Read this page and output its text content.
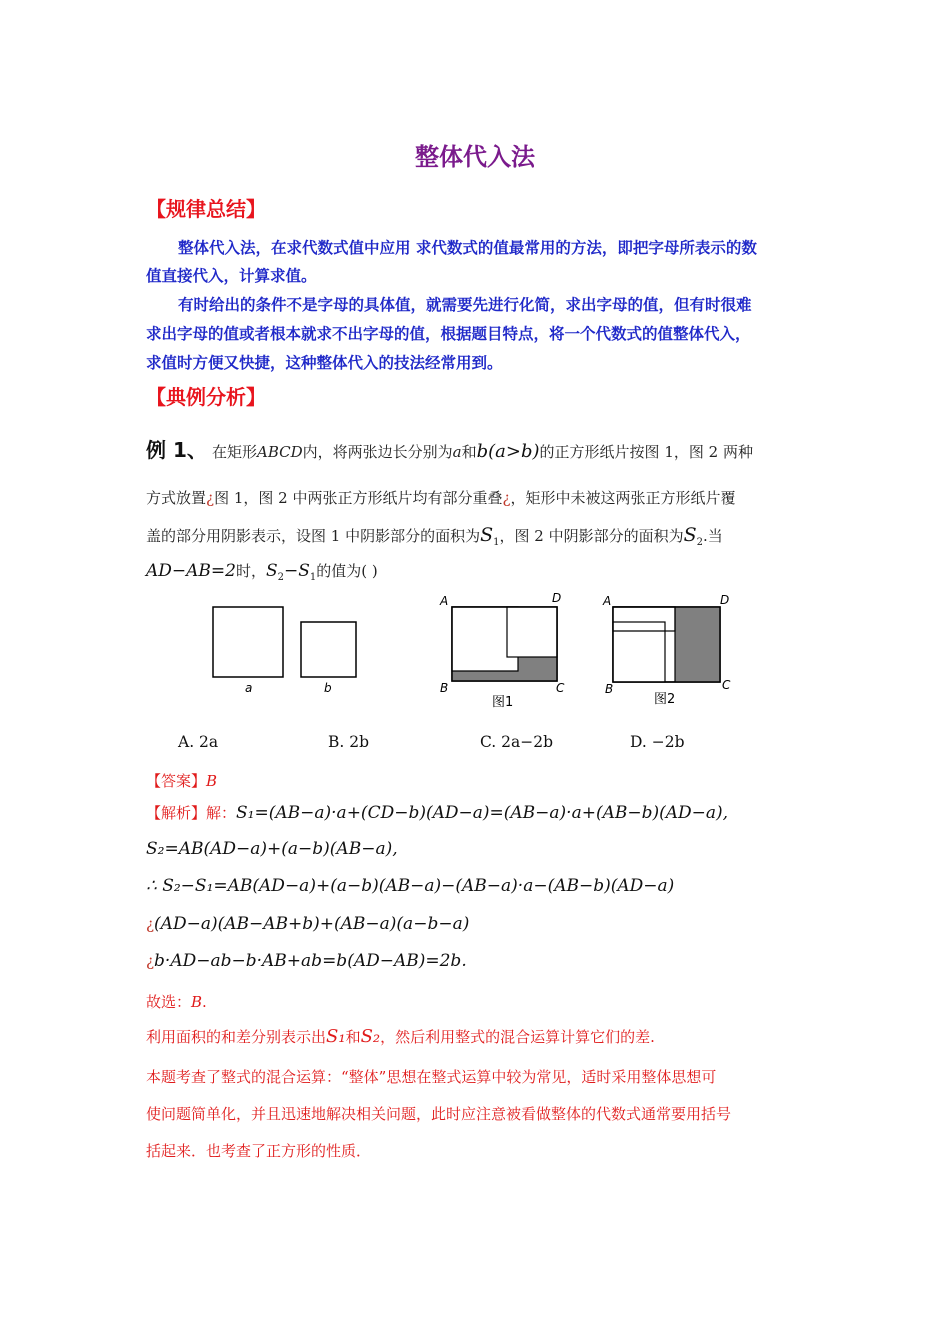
整体代入法
【规律总结】
整体代入法，在求代数式值中应用 求代数式的值最常用的方法，即把字母所表示的数
值直接代入，计算求值。
有时给出的条件不是字母的具体值，就需要先进行化简，求出字母的值，但有时很难
求出字母的值或者根本就求不出字母的值，根据题目特点，将一个代数式的值整体代入，
求值时方便又快捷，这种整体代入的技法经常用到。
【典例分析】
例 1、 在矩形ABCD内，将两张边长分别为a和b(a>b)的正方形纸片按图 1，图 2 两种
方式放置¿图 1，图 2 中两张正方形纸片均有部分重叠¿，矩形中未被这两张正方形纸片覆
盖的部分用阴影表示，设图 1 中阴影部分的面积为$S_1$，图 2 中阴影部分的面积为$S_2$.当
AD−AB=2时，$S_2-S_1$的值为( )
a	b
A	D
B	C
图1
A	D
B	C
图2
A. 2a	B. 2b	C. 2a−2b	D. −2b
【答案】B
【解析】解：S₁=(AB−a)·a+(CD−b)(AD−a)=(AB−a)·a+(AB−b)(AD−a),
S₂=AB(AD−a)+(a−b)(AB−a),
∴ S₂−S₁=AB(AD−a)+(a−b)(AB−a)−(AB−a)·a−(AB−b)(AD−a)
¿(AD−a)(AB−AB+b)+(AB−a)(a−b−a)
¿b·AD−ab−b·AB+ab=b(AD−AB)=2b.
故选：B.
利用面积的和差分别表示出S₁和S₂，然后利用整式的混合运算计算它们的差.
本题考查了整式的混合运算：“整体”思想在整式运算中较为常见，适时采用整体思想可
使问题简单化，并且迅速地解决相关问题，此时应注意被看做整体的代数式通常要用括号
括起来．也考查了正方形的性质．
